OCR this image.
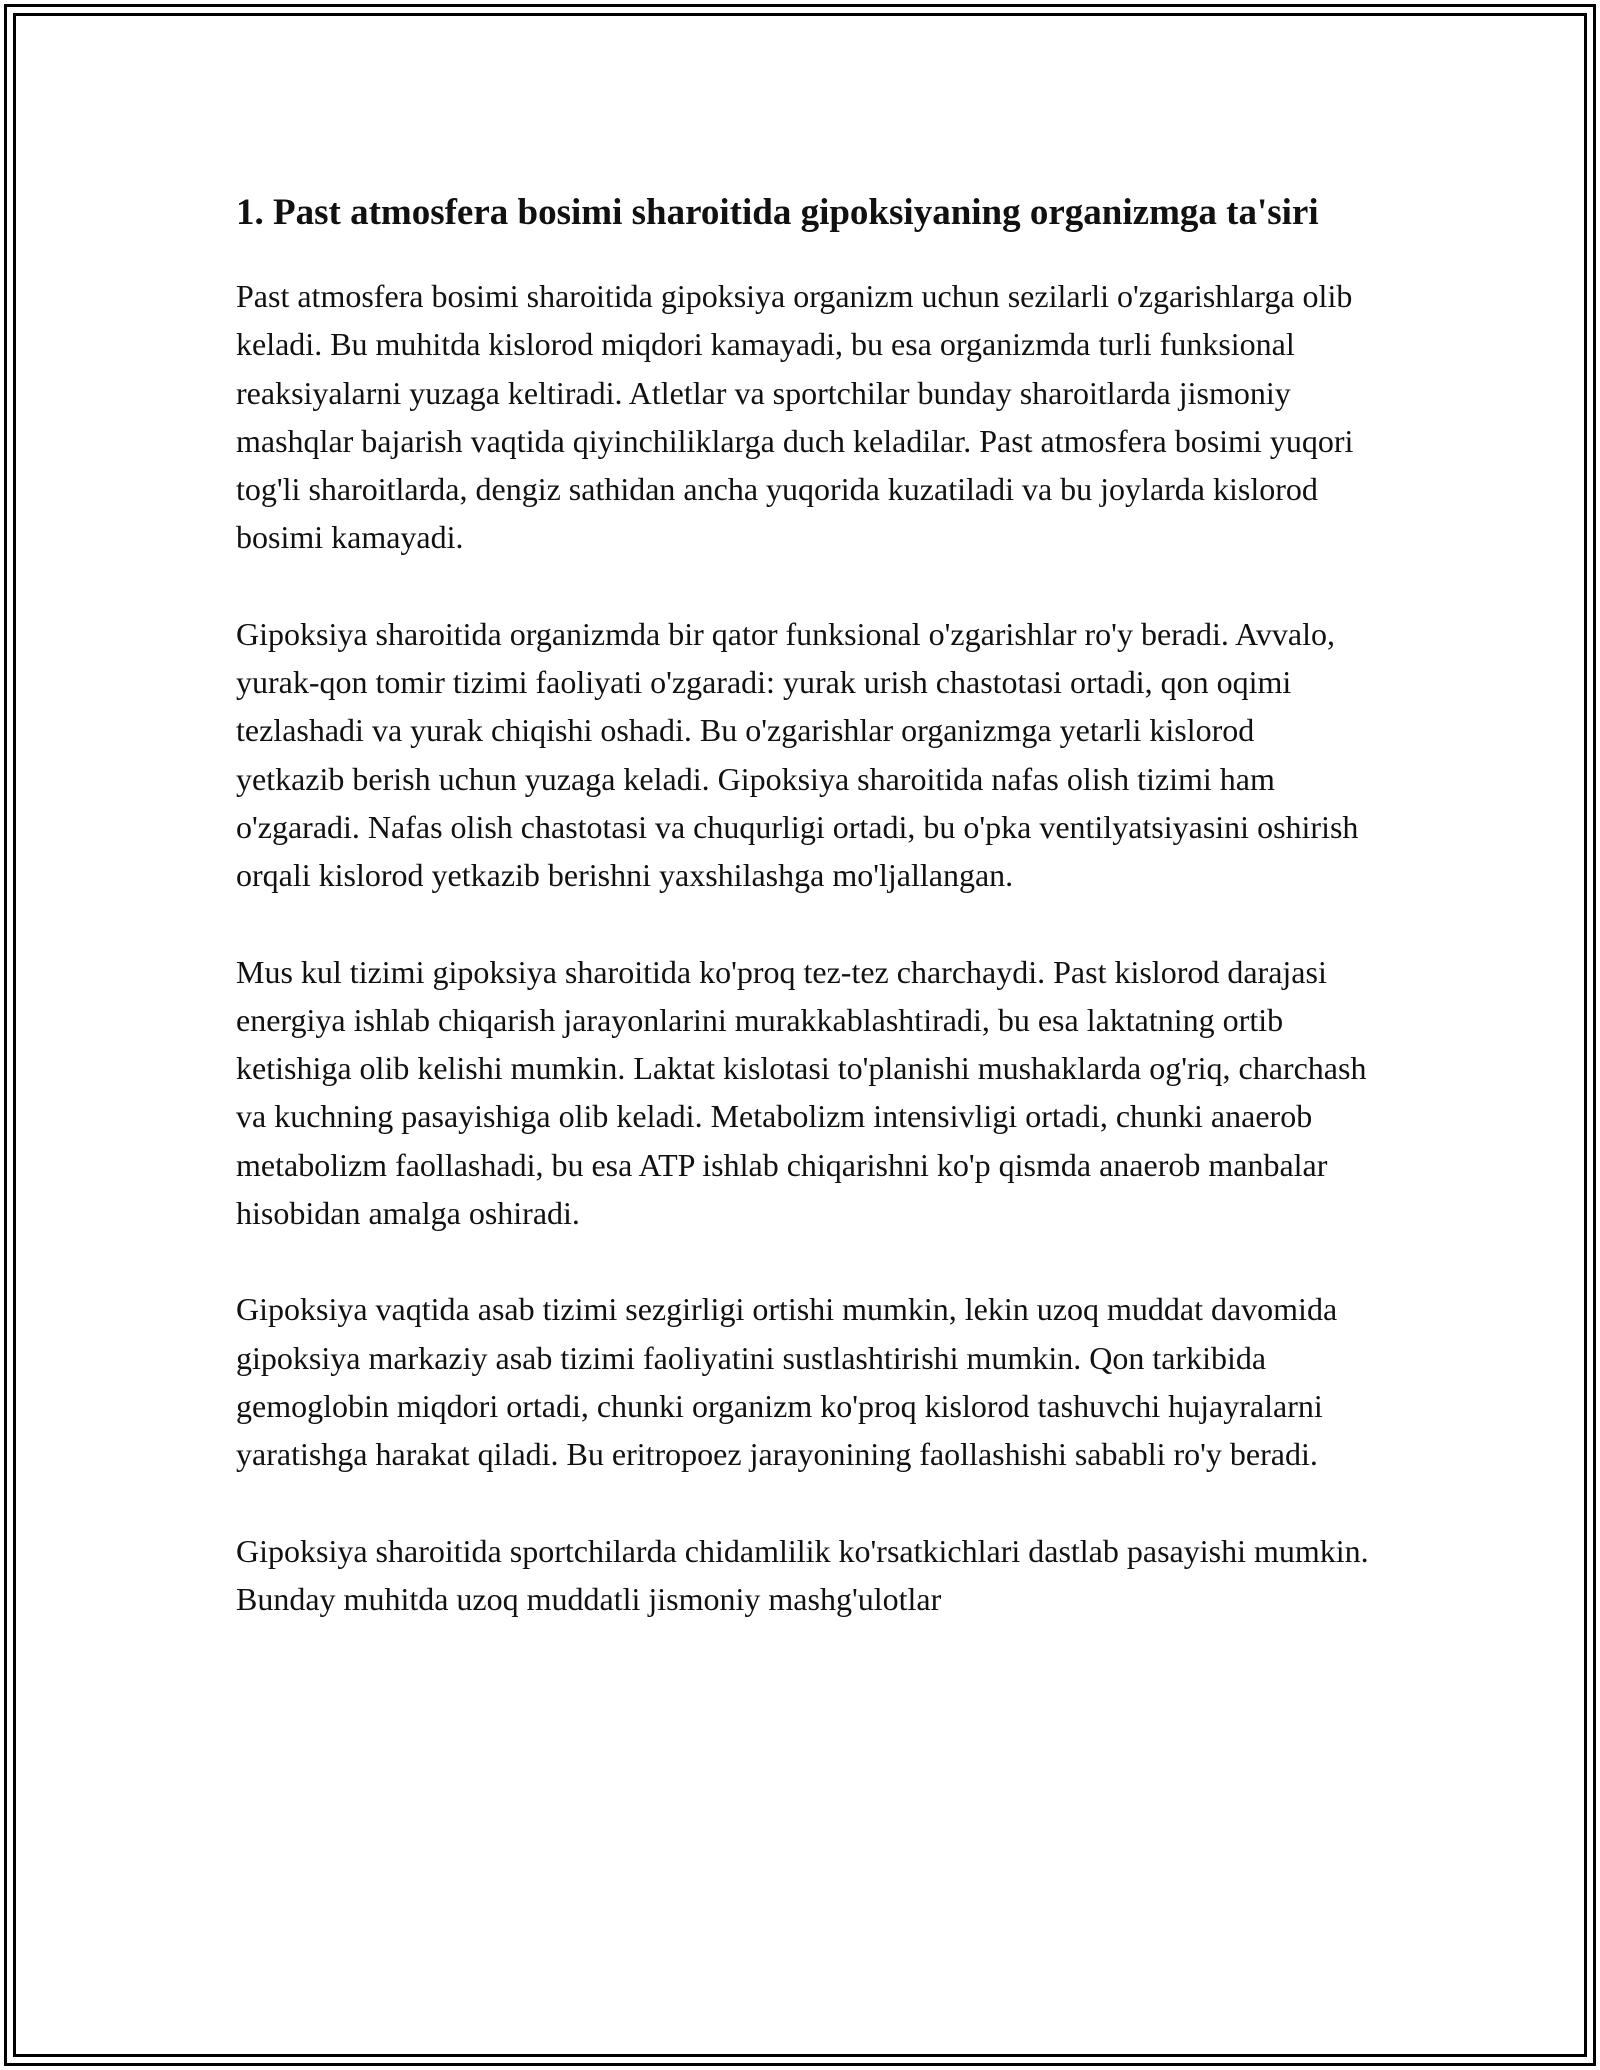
1. Past atmosfera bosimi sharoitida gipoksiyaning organizmga ta'siri

Past atmosfera bosimi sharoitida gipoksiya organizm uchun sezilarli o'zgarishlarga olib keladi. Bu muhitda kislorod miqdori kamayadi, bu esa organizmda turli funksional reaksiyalarni yuzaga keltiradi. Atletlar va sportchilar bunday sharoitlarda jismoniy mashqlar bajarish vaqtida qiyinchiliklarga duch keladilar. Past atmosfera bosimi yuqori tog'li sharoitlarda, dengiz sathidan ancha yuqorida kuzatiladi va bu joylarda kislorod bosimi kamayadi.

Gipoksiya sharoitida organizmda bir qator funksional o'zgarishlar ro'y beradi. Avvalo, yurak-qon tomir tizimi faoliyati o'zgaradi: yurak urish chastotasi ortadi, qon oqimi tezlashadi va yurak chiqishi oshadi. Bu o'zgarishlar organizmga yetarli kislorod yetkazib berish uchun yuzaga keladi. Gipoksiya sharoitida nafas olish tizimi ham o'zgaradi. Nafas olish chastotasi va chuqurligi ortadi, bu o'pka ventilyatsiyasini oshirish orqali kislorod yetkazib berishni yaxshilashga mo'ljallangan.

Mus kul tizimi gipoksiya sharoitida ko'proq tez-tez charchaydi. Past kislorod darajasi energiya ishlab chiqarish jarayonlarini murakkablashtiradi, bu esa laktatning ortib ketishiga olib kelishi mumkin. Laktat kislotasi to'planishi mushaklarda og'riq, charchash va kuchning pasayishiga olib keladi. Metabolizm intensivligi ortadi, chunki anaerob metabolizm faollashadi, bu esa ATP ishlab chiqarishni ko'p qismda anaerob manbalar hisobidan amalga oshiradi.

Gipoksiya vaqtida asab tizimi sezgirligi ortishi mumkin, lekin uzoq muddat davomida gipoksiya markaziy asab tizimi faoliyatini sustlashtirishi mumkin. Qon tarkibida gemoglobin miqdori ortadi, chunki organizm ko'proq kislorod tashuvchi hujayralarni yaratishga harakat qiladi. Bu eritropoez jarayonining faollashishi sababli ro'y beradi.

Gipoksiya sharoitida sportchilarda chidamlilik ko'rsatkichlari dastlab pasayishi mumkin. Bunday muhitda uzoq muddatli jismoniy mashg'ulotlar
